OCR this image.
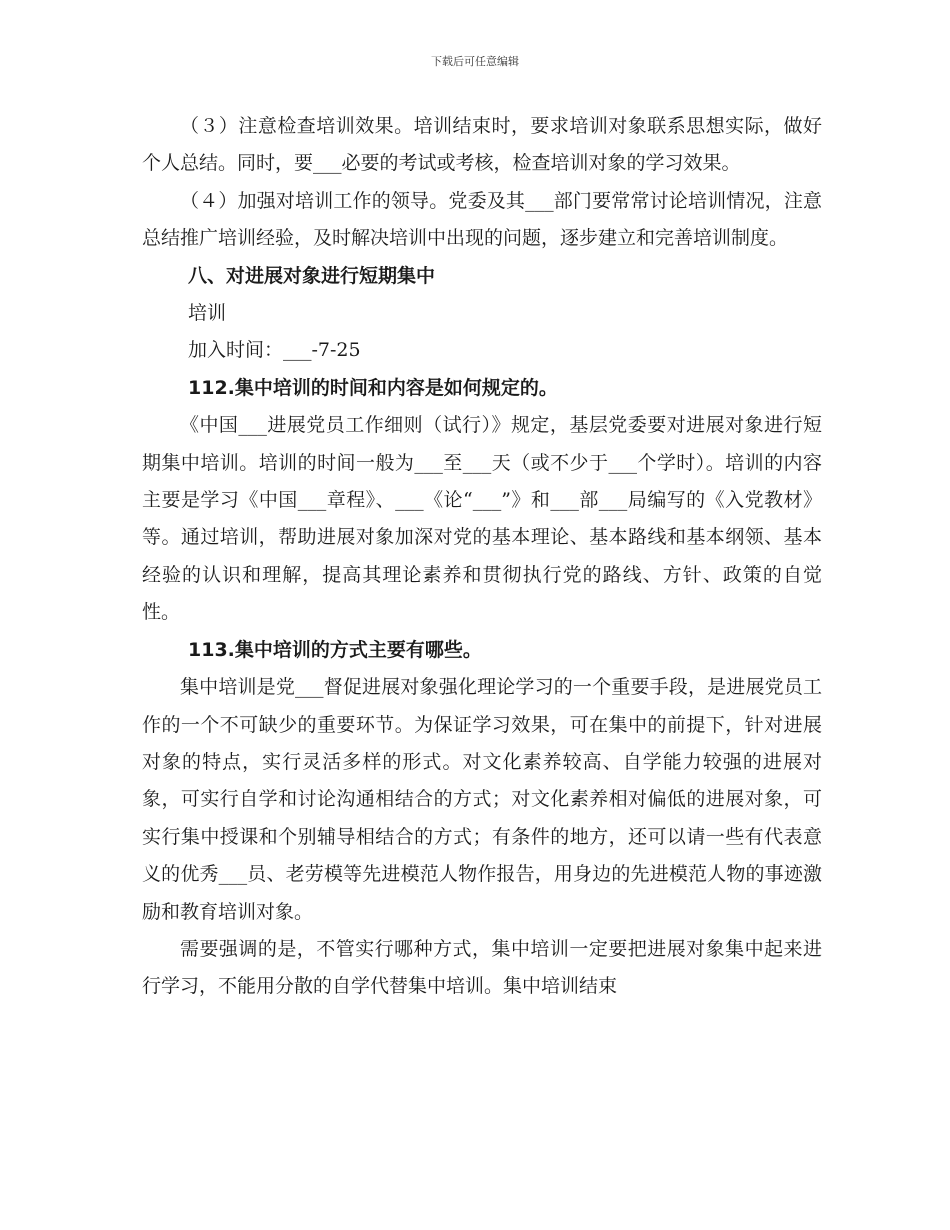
下载后可任意编辑

（３）注意检查培训效果。培训结束时，要求培训对象联系思想实际，做好个人总结。同时，要___必要的考试或考核，检查培训对象的学习效果。

（４）加强对培训工作的领导。党委及其___部门要常常讨论培训情况，注意总结推广培训经验，及时解决培训中出现的问题，逐步建立和完善培训制度。

八、对进展对象进行短期集中

培训

加入时间：___-7-25

112.集中培训的时间和内容是如何规定的。

《中国___进展党员工作细则（试行）》规定，基层党委要对进展对象进行短期集中培训。培训的时间一般为___至___天（或不少于___个学时）。培训的内容主要是学习《中国___章程》、___《论“___”》和___部___局编写的《入党教材》等。通过培训，帮助进展对象加深对党的基本理论、基本路线和基本纲领、基本经验的认识和理解，提高其理论素养和贯彻执行党的路线、方针、政策的自觉性。

113.集中培训的方式主要有哪些。

集中培训是党___督促进展对象强化理论学习的一个重要手段，是进展党员工作的一个不可缺少的重要环节。为保证学习效果，可在集中的前提下，针对进展对象的特点，实行灵活多样的形式。对文化素养较高、自学能力较强的进展对象，可实行自学和讨论沟通相结合的方式；对文化素养相对偏低的进展对象，可实行集中授课和个别辅导相结合的方式；有条件的地方，还可以请一些有代表意义的优秀___员、老劳模等先进模范人物作报告，用身边的先进模范人物的事迹激励和教育培训对象。

需要强调的是，不管实行哪种方式，集中培训一定要把进展对象集中起来进行学习，不能用分散的自学代替集中培训。集中培训结束
